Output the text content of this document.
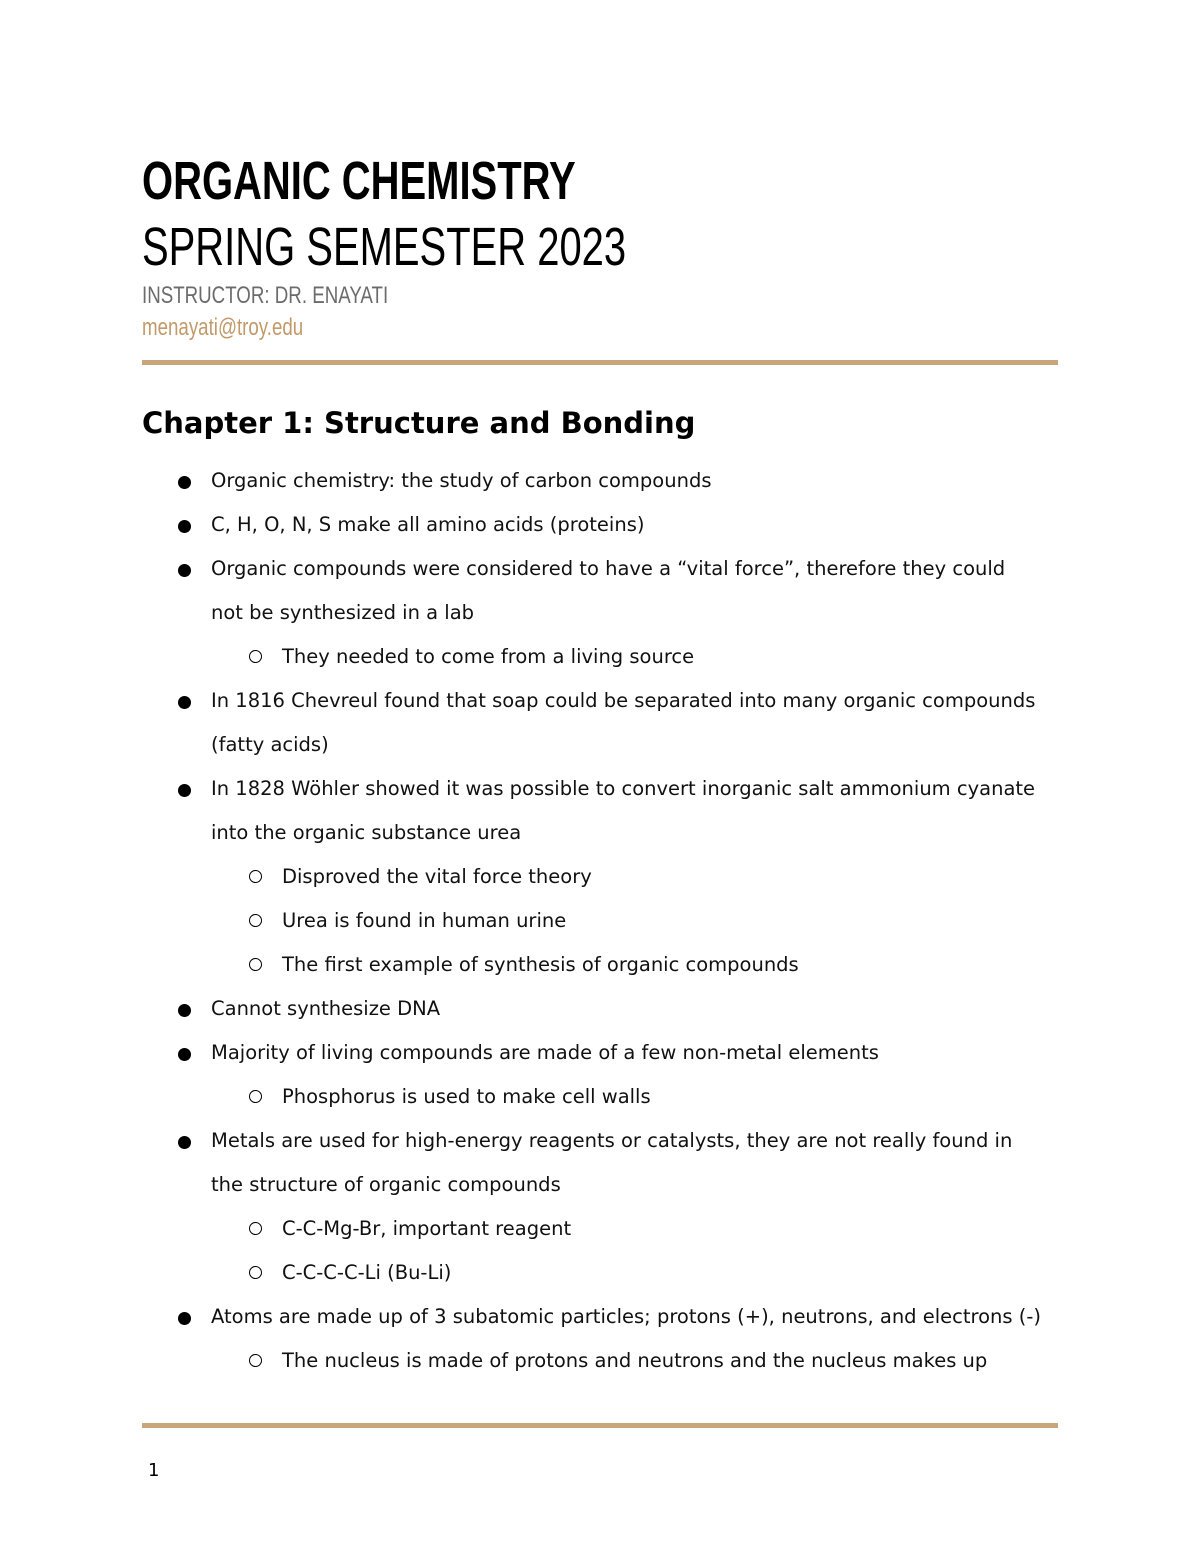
ORGANIC CHEMISTRY
SPRING SEMESTER 2023
INSTRUCTOR: DR. ENAYATI
menayati@troy.edu
Chapter 1: Structure and Bonding
Organic chemistry: the study of carbon compounds
C, H, O, N, S make all amino acids (proteins)
Organic compounds were considered to have a “vital force”, therefore they could
not be synthesized in a lab
They needed to come from a living source
In 1816 Chevreul found that soap could be separated into many organic compounds
(fatty acids)
In 1828 Wöhler showed it was possible to convert inorganic salt ammonium cyanate
into the organic substance urea
Disproved the vital force theory
Urea is found in human urine
The first example of synthesis of organic compounds
Cannot synthesize DNA
Majority of living compounds are made of a few non-metal elements
Phosphorus is used to make cell walls
Metals are used for high-energy reagents or catalysts, they are not really found in
the structure of organic compounds
C-C-Mg-Br, important reagent
C-C-C-C-Li (Bu-Li)
Atoms are made up of 3 subatomic particles; protons (+), neutrons, and electrons (-)
The nucleus is made of protons and neutrons and the nucleus makes up
1
